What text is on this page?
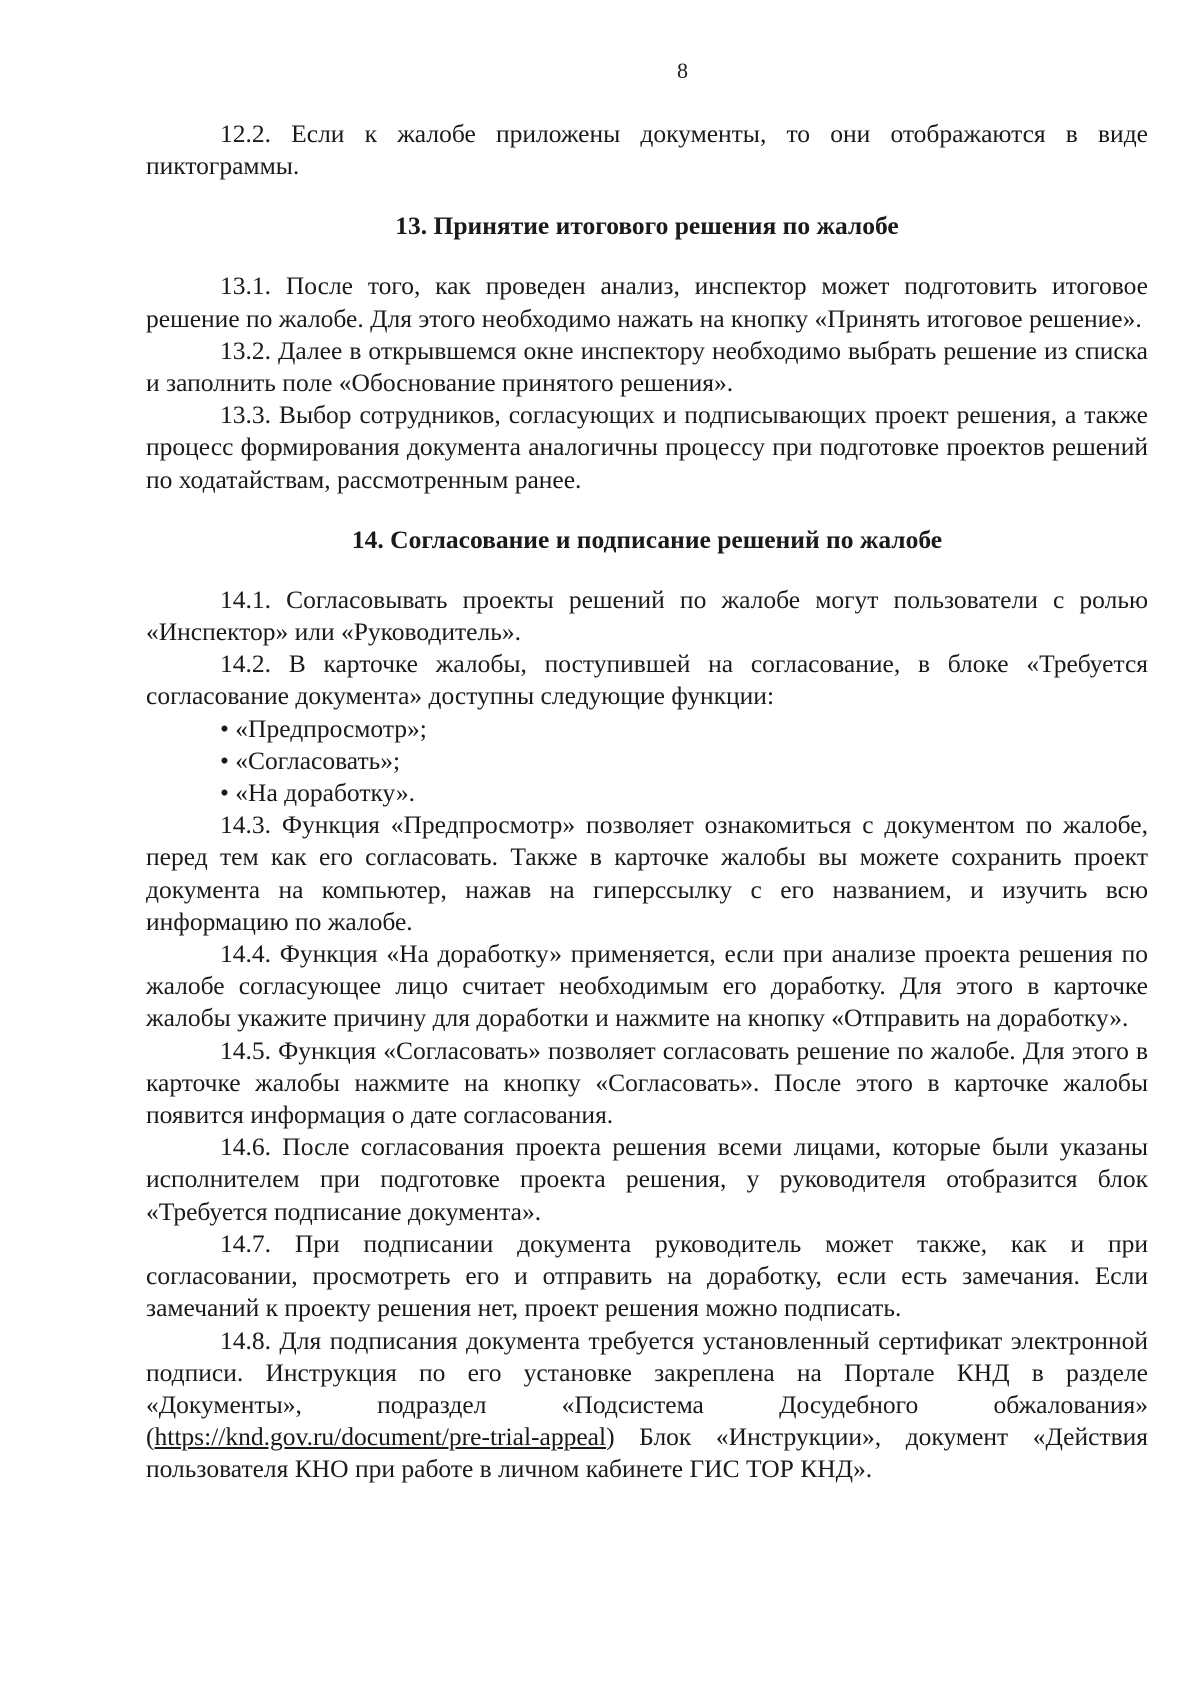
8

12.2. Если к жалобе приложены документы, то они отображаются в виде пиктограммы.

13. Принятие итогового решения по жалобе

13.1. После того, как проведен анализ, инспектор может подготовить итоговое решение по жалобе. Для этого необходимо нажать на кнопку «Принять итоговое решение».

13.2. Далее в открывшемся окне инспектору необходимо выбрать решение из списка и заполнить поле «Обоснование принятого решения».

13.3. Выбор сотрудников, согласующих и подписывающих проект решения, а также процесс формирования документа аналогичны процессу при подготовке проектов решений по ходатайствам, рассмотренным ранее.

14. Согласование и подписание решений по жалобе

14.1. Согласовывать проекты решений по жалобе могут пользователи с ролью «Инспектор» или «Руководитель».

14.2. В карточке жалобы, поступившей на согласование, в блоке «Требуется согласование документа» доступны следующие функции:

• «Предпросмотр»;
• «Согласовать»;
• «На доработку».

14.3. Функция «Предпросмотр» позволяет ознакомиться с документом по жалобе, перед тем как его согласовать. Также в карточке жалобы вы можете сохранить проект документа на компьютер, нажав на гиперссылку с его названием, и изучить всю информацию по жалобе.

14.4. Функция «На доработку» применяется, если при анализе проекта решения по жалобе согласующее лицо считает необходимым его доработку. Для этого в карточке жалобы укажите причину для доработки и нажмите на кнопку «Отправить на доработку».

14.5. Функция «Согласовать» позволяет согласовать решение по жалобе. Для этого в карточке жалобы нажмите на кнопку «Согласовать». После этого в карточке жалобы появится информация о дате согласования.

14.6. После согласования проекта решения всеми лицами, которые были указаны исполнителем при подготовке проекта решения, у руководителя отобразится блок «Требуется подписание документа».

14.7. При подписании документа руководитель может также, как и при согласовании, просмотреть его и отправить на доработку, если есть замечания. Если замечаний к проекту решения нет, проект решения можно подписать.

14.8. Для подписания документа требуется установленный сертификат электронной подписи. Инструкция по его установке закреплена на Портале КНД в разделе «Документы», подраздел «Подсистема Досудебного обжалования» (https://knd.gov.ru/document/pre-trial-appeal) Блок «Инструкции», документ «Действия пользователя КНО при работе в личном кабинете ГИС ТОР КНД».
